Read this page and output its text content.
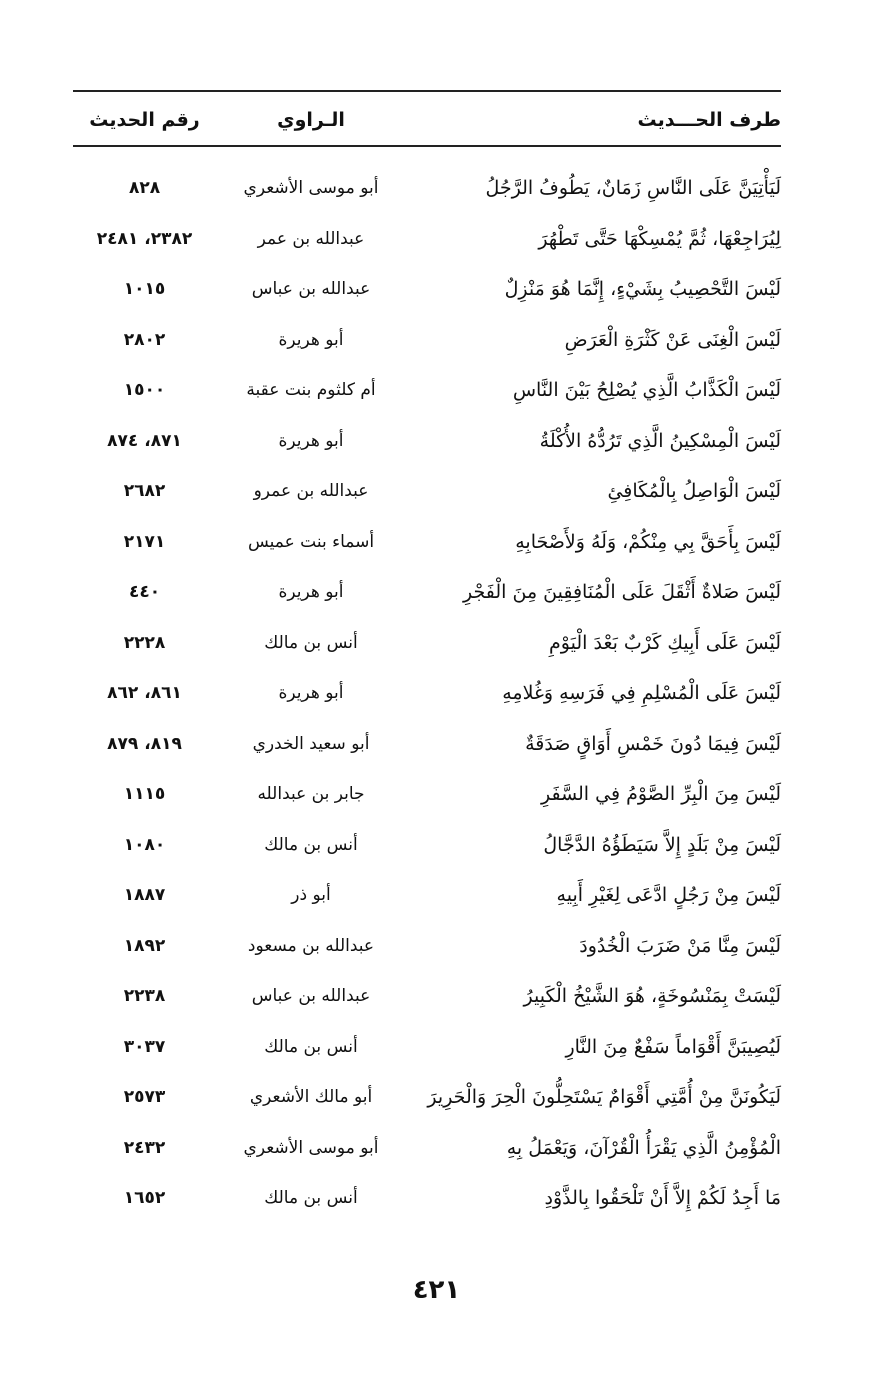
طرف الحـــديث
الـراوي
رقم الحديث
لَيَأْتِيَنَّ عَلَى النَّاسِ زَمَانٌ، يَطُوفُ الرَّجُلُ
أبو موسى الأشعري
٨٢٨
لِيُرَاجِعْهَا، ثُمَّ يُمْسِكْهَا حَتَّى تَطْهُرَ
عبدالله بن عمر
٢٣٨٢، ٢٤٨١
لَيْسَ التَّحْصِيبُ بِشَيْءٍ، إِنَّمَا هُوَ مَنْزِلٌ
عبدالله بن عباس
١٠١٥
لَيْسَ الْغِنَى عَنْ كَثْرَةِ الْعَرَضِ
أبو هريرة
٢٨٠٢
لَيْسَ الْكَذَّابُ الَّذِي يُصْلِحُ بَيْنَ النَّاسِ
أم كلثوم بنت عقبة
١٥٠٠
لَيْسَ الْمِسْكِينُ الَّذِي تَرُدُّهُ الأُكْلَةُ
أبو هريرة
٨٧١، ٨٧٤
لَيْسَ الْوَاصِلُ بِالْمُكَافِئِ
عبدالله بن عمرو
٢٦٨٢
لَيْسَ بِأَحَقَّ بِي مِنْكُمْ، وَلَهُ وَلأَصْحَابِهِ
أسماء بنت عميس
٢١٧١
لَيْسَ صَلاةٌ أَثْقَلَ عَلَى الْمُنَافِقِينَ مِنَ الْفَجْرِ
أبو هريرة
٤٤٠
لَيْسَ عَلَى أَبِيكِ كَرْبٌ بَعْدَ الْيَوْمِ
أنس بن مالك
٢٢٢٨
لَيْسَ عَلَى الْمُسْلِمِ فِي فَرَسِهِ وَغُلامِهِ
أبو هريرة
٨٦١، ٨٦٢
لَيْسَ فِيمَا دُونَ خَمْسِ أَوَاقٍ صَدَقَةٌ
أبو سعيد الخدري
٨١٩، ٨٧٩
لَيْسَ مِنَ الْبِرِّ الصَّوْمُ فِي السَّفَرِ
جابر بن عبدالله
١١١٥
لَيْسَ مِنْ بَلَدٍ إِلاَّ سَيَطَؤُهُ الدَّجَّالُ
أنس بن مالك
١٠٨٠
لَيْسَ مِنْ رَجُلٍ ادَّعَى لِغَيْرِ أَبِيهِ
أبو ذر
١٨٨٧
لَيْسَ مِنَّا مَنْ ضَرَبَ الْخُدُودَ
عبدالله بن مسعود
١٨٩٢
لَيْسَتْ بِمَنْسُوخَةٍ، هُوَ الشَّيْخُ الْكَبِيرُ
عبدالله بن عباس
٢٢٣٨
لَيُصِيبَنَّ أَقْوَاماً سَفْعٌ مِنَ النَّارِ
أنس بن مالك
٣٠٣٧
لَيَكُونَنَّ مِنْ أُمَّتِي أَقْوَامٌ يَسْتَحِلُّونَ الْحِرَ وَالْحَرِيرَ
أبو مالك الأشعري
٢٥٧٣
الْمُؤْمِنُ الَّذِي يَقْرَأُ الْقُرْآنَ، وَيَعْمَلُ بِهِ
أبو موسى الأشعري
٢٤٣٢
مَا أَجِدُ لَكُمْ إِلاَّ أَنْ تَلْحَقُوا بِالذَّوْدِ
أنس بن مالك
١٦٥٢
٤٢١
